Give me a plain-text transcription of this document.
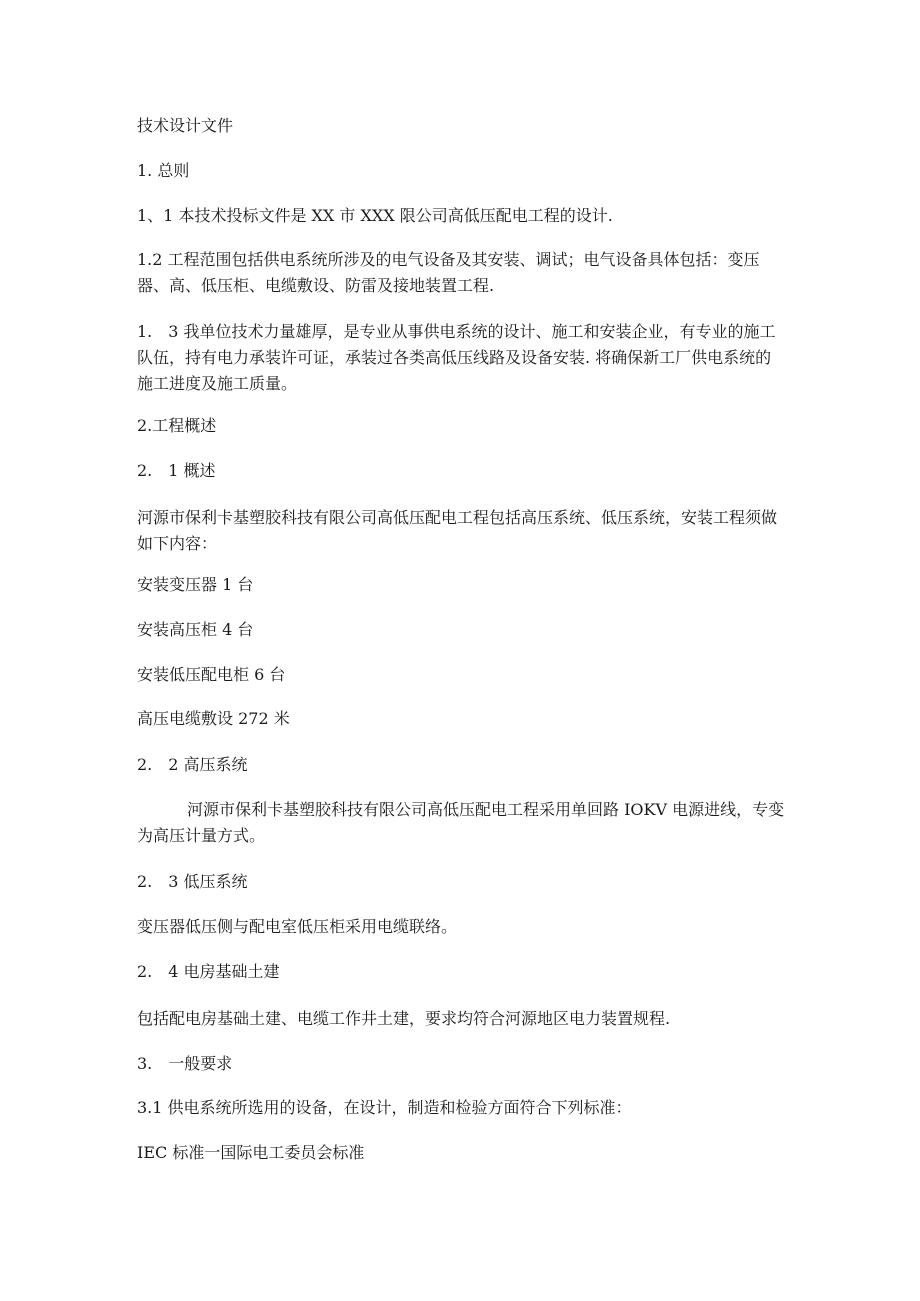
技术设计文件

1. 总则

1、1 本技术投标文件是 XX 市 XXX 限公司高低压配电工程的设计.

1.2 工程范围包括供电系统所涉及的电气设备及其安装、调试；电气设备具体包括：变压器、高、低压柜、电缆敷设、防雷及接地装置工程.

1.　3 我单位技术力量雄厚，是专业从事供电系统的设计、施工和安装企业，有专业的施工队伍，持有电力承装许可证，承装过各类高低压线路及设备安装. 将确保新工厂供电系统的施工进度及施工质量。

2.工程概述

2.　1 概述

河源市保利卡基塑胶科技有限公司高低压配电工程包括高压系统、低压系统，安装工程须做如下内容：

安装变压器 1 台

安装高压柜 4 台

安装低压配电柜 6 台

高压电缆敷设 272 米

2.　2 高压系统

河源市保利卡基塑胶科技有限公司高低压配电工程采用单回路 IOKV 电源进线，专变为高压计量方式。

2.　3 低压系统

变压器低压侧与配电室低压柜采用电缆联络。

2.　4 电房基础土建

包括配电房基础土建、电缆工作井土建，要求均符合河源地区电力装置规程.

3.　一般要求

3.1 供电系统所选用的设备，在设计，制造和检验方面符合下列标准：

IEC 标准一国际电工委员会标准
